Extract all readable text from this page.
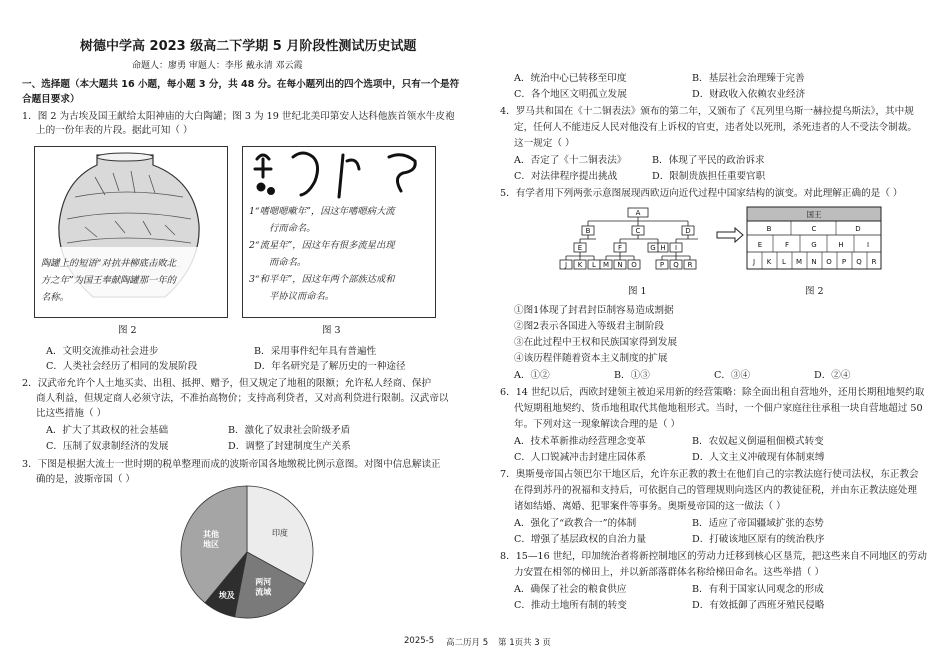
树德中学高 2023 级高二下学期 5 月阶段性测试历史试题
命题人：廖勇 审题人：李彤 戴永清 邓云霞
一、选择题（本大题共 16 小题，每小题 3 分，共 48 分。在每小题列出的四个选项中，只有一个是符
合题目要求）
1．图 2 为古埃及国王献给太阳神庙的大白陶罐；图 3 为 19 世纪北美印第安人达科他族首领水牛皮袍
上的一份年表的片段。据此可知（ ）
陶罐上的短语“对抗井柳底击败北
方之年”为国王奉献陶罐那一年的
名称。
1“嗜嗯嗯嗽年”，因这年嗜嗯病大流
行而命名。
2“流星年”，因这年有很多流星出现
而命名。
3“和平年”，因这年两个部族达成和
平协议而命名。
图 2	图 3
A．文明交流推动社会进步	B．采用事件纪年具有普遍性
C．人类社会经历了相同的发展阶段	D．年名研究是了解历史的一种途径
2．汉武帝允许个人土地买卖、出租、抵押、赠予，但又规定了地租的限额；允许私人经商、保护
商人利益，但规定商人必须守法，不准抬高物价；支持高利贷者，又对高利贷进行限制。汉武帝以
比这些措施（ ）
A．扩大了其政权的社会基础	B．激化了奴隶社会阶级矛盾
C．压制了奴隶制经济的发展	D．调整了封建制度生产关系
3．下图是根据大流士一世时期的税单整理而成的波斯帝国各地缴税比例示意图。对图中信息解读正
确的是，波斯帝国（ ）
印度
两河
流域
埃及
其他
地区
A．统治中心已转移至印度	B．基层社会治理臻于完善
C．各个地区文明孤立发展	D．财政收入依赖农业经济
4．罗马共和国在《十二铜表法》颁布的第二年，又颁布了《瓦列里乌斯一赫拉提乌斯法》，其中规
定，任何人不能违反人民对他没有上诉权的官吏，违者处以死刑，杀死违者的人不受法令制裁。
这一规定（ ）
A．否定了《十二铜表法》	B．体现了平民的政治诉求
C．对法律程序提出挑战	D．限制贵族担任重要官职
5．有学者用下列两张示意图展现西欧迈向近代过程中国家结构的演变。对此理解正确的是（ ）
A
B	C	D
E	F	G H I
J K L M N O	P Q R
国王
B	C	D
E	F	G	H	I
J K L M N O P Q R
图 1	图 2
①图1体现了封君封臣制容易造成割据
②图2表示各国进入等级君主制阶段
③在此过程中王权和民族国家得到发展
④该历程伴随着资本主义制度的扩展
A．①②	B．①③	C．③④	D．②④
6．14 世纪以后，西欧封建领主被迫采用新的经营策略：除全面出租自营地外，还用长期租地契约取
代短期租地契约、货币地租取代其他地租形式。当时，一个佃户家庭往往承租一块自营地超过 50
年。下列对这一现象解读合理的是（ ）
A．技术革新推动经营理念变革	B．农奴起义倒逼租佃模式转变
C．人口锐减冲击封建庄园体系	D．人文主义冲破现有体制束缚
7．奥斯曼帝国占领巴尔干地区后，允许东正教的教士在他们自己的宗教法庭行使司法权，东正教会
在得到苏丹的祝福和支持后，可依据自己的管理规则向选区内的教徒征税，并由东正教法庭处理
诸如结婚、离婚、犯罪案件等事务。奥斯曼帝国的这一做法（ ）
A．强化了“政教合一”的体制	B．适应了帝国疆域扩张的态势
C．增强了基层政权的自治力量	D．打破该地区原有的统治秩序
8．15—16 世纪，印加统治者将新控制地区的劳动力迁移到核心区垦荒，把这些来自不同地区的劳动
力安置在相邻的梯田上，并以新部落群体名称给梯田命名。这些举措（ ）
A．确保了社会的粮食供应	B．有利于国家认同观念的形成
C．推动土地所有制的转变	D．有效抵御了西班牙殖民侵略
2025-5 高二历月 5 第 1页共 3 页
